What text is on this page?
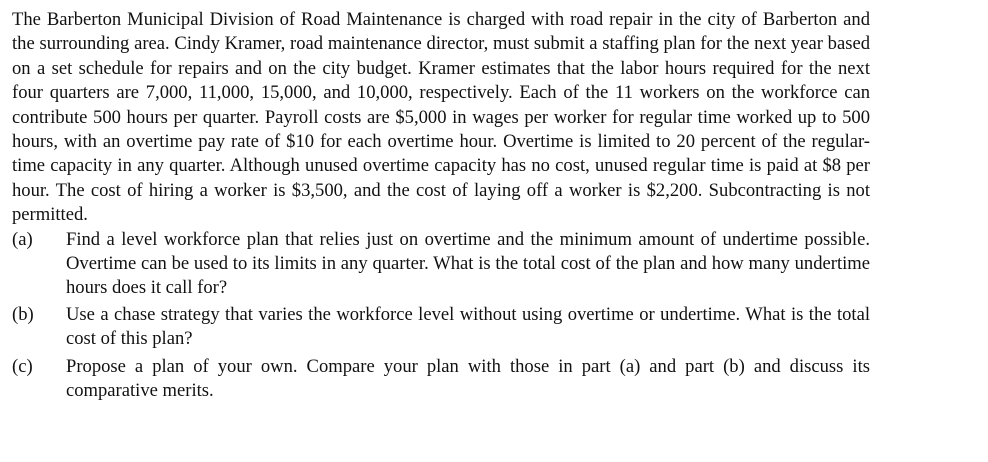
The Barberton Municipal Division of Road Maintenance is charged with road repair in the city of Barberton and the surrounding area. Cindy Kramer, road maintenance director, must submit a staffing plan for the next year based on a set schedule for repairs and on the city budget. Kramer estimates that the labor hours required for the next four quarters are 7,000, 11,000, 15,000, and 10,000, respectively. Each of the 11 workers on the workforce can contribute 500 hours per quarter. Payroll costs are $5,000 in wages per worker for regular time worked up to 500 hours, with an overtime pay rate of $10 for each overtime hour. Overtime is limited to 20 percent of the regular-time capacity in any quarter. Although unused overtime capacity has no cost, unused regular time is paid at $8 per hour. The cost of hiring a worker is $3,500, and the cost of laying off a worker is $2,200. Subcontracting is not permitted.

(a)	Find a level workforce plan that relies just on overtime and the minimum amount of undertime possible. Overtime can be used to its limits in any quarter. What is the total cost of the plan and how many undertime hours does it call for?
(b)	Use a chase strategy that varies the workforce level without using overtime or undertime. What is the total cost of this plan?
(c)	Propose a plan of your own. Compare your plan with those in part (a) and part (b) and discuss its comparative merits.
